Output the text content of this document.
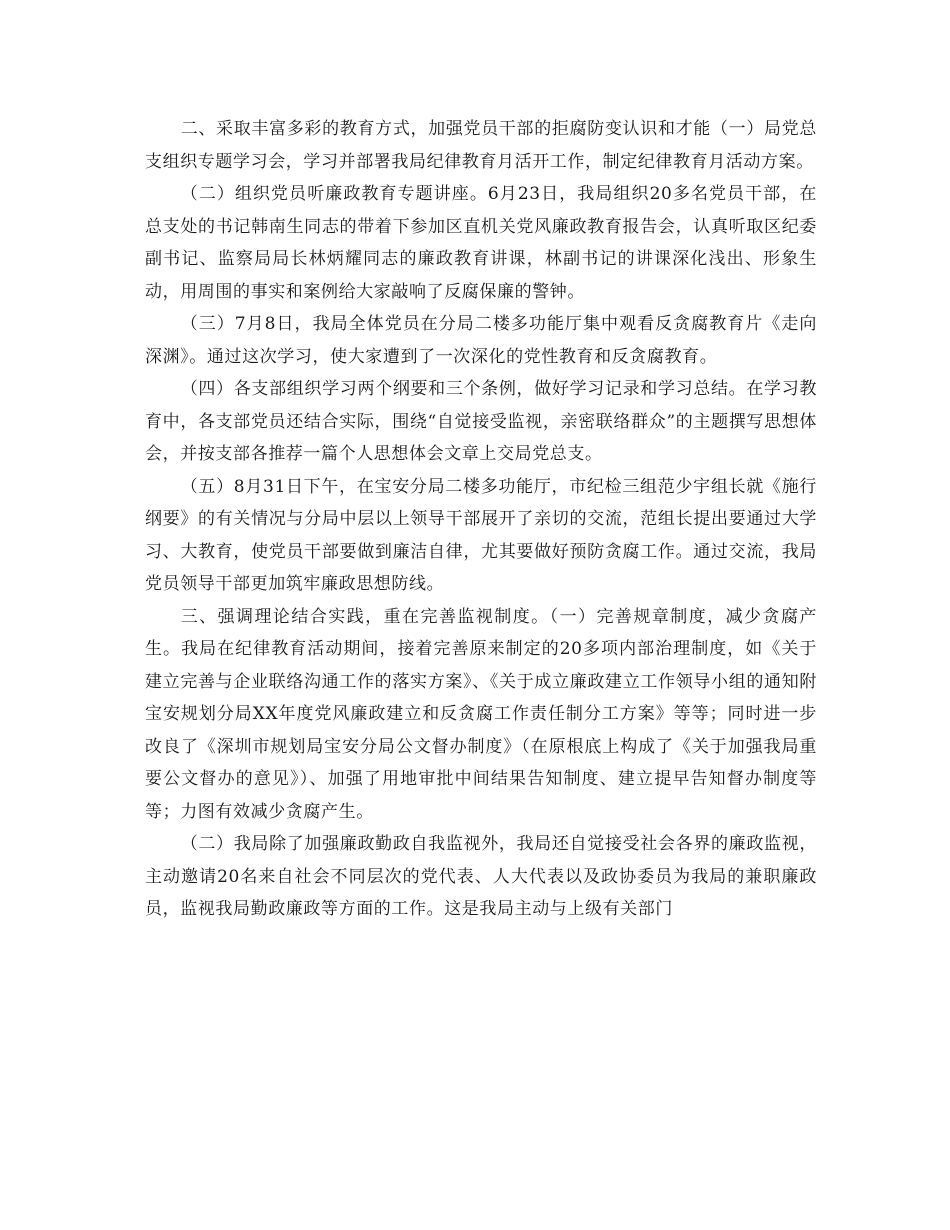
二、采取丰富多彩的教育方式，加强党员干部的拒腐防变认识和才能（一）局党总支组织专题学习会，学习并部署我局纪律教育月活开工作，制定纪律教育月活动方案。

（二）组织党员听廉政教育专题讲座。6月23日，我局组织20多名党员干部，在总支处的书记韩南生同志的带着下参加区直机关党风廉政教育报告会，认真听取区纪委副书记、监察局局长林炳耀同志的廉政教育讲课，林副书记的讲课深化浅出、形象生动，用周围的事实和案例给大家敲响了反腐保廉的警钟。

（三）7月8日，我局全体党员在分局二楼多功能厅集中观看反贪腐教育片《走向深渊》。通过这次学习，使大家遭到了一次深化的党性教育和反贪腐教育。

（四）各支部组织学习两个纲要和三个条例，做好学习记录和学习总结。在学习教育中，各支部党员还结合实际，围绕“自觉接受监视，亲密联络群众”的主题撰写思想体会，并按支部各推荐一篇个人思想体会文章上交局党总支。

（五）8月31日下午，在宝安分局二楼多功能厅，市纪检三组范少宇组长就《施行纲要》的有关情况与分局中层以上领导干部展开了亲切的交流，范组长提出要通过大学习、大教育，使党员干部要做到廉洁自律，尤其要做好预防贪腐工作。通过交流，我局党员领导干部更加筑牢廉政思想防线。

三、强调理论结合实践，重在完善监视制度。（一）完善规章制度，减少贪腐产生。我局在纪律教育活动期间，接着完善原来制定的20多项内部治理制度，如《关于建立完善与企业联络沟通工作的落实方案》、《关于成立廉政建立工作领导小组的通知附宝安规划分局XX年度党风廉政建立和反贪腐工作责任制分工方案》等等；同时进一步改良了《深圳市规划局宝安分局公文督办制度》（在原根底上构成了《关于加强我局重要公文督办的意见》）、加强了用地审批中间结果告知制度、建立提早告知督办制度等等；力图有效减少贪腐产生。

（二）我局除了加强廉政勤政自我监视外，我局还自觉接受社会各界的廉政监视，主动邀请20名来自社会不同层次的党代表、人大代表以及政协委员为我局的兼职廉政员，监视我局勤政廉政等方面的工作。这是我局主动与上级有关部门
